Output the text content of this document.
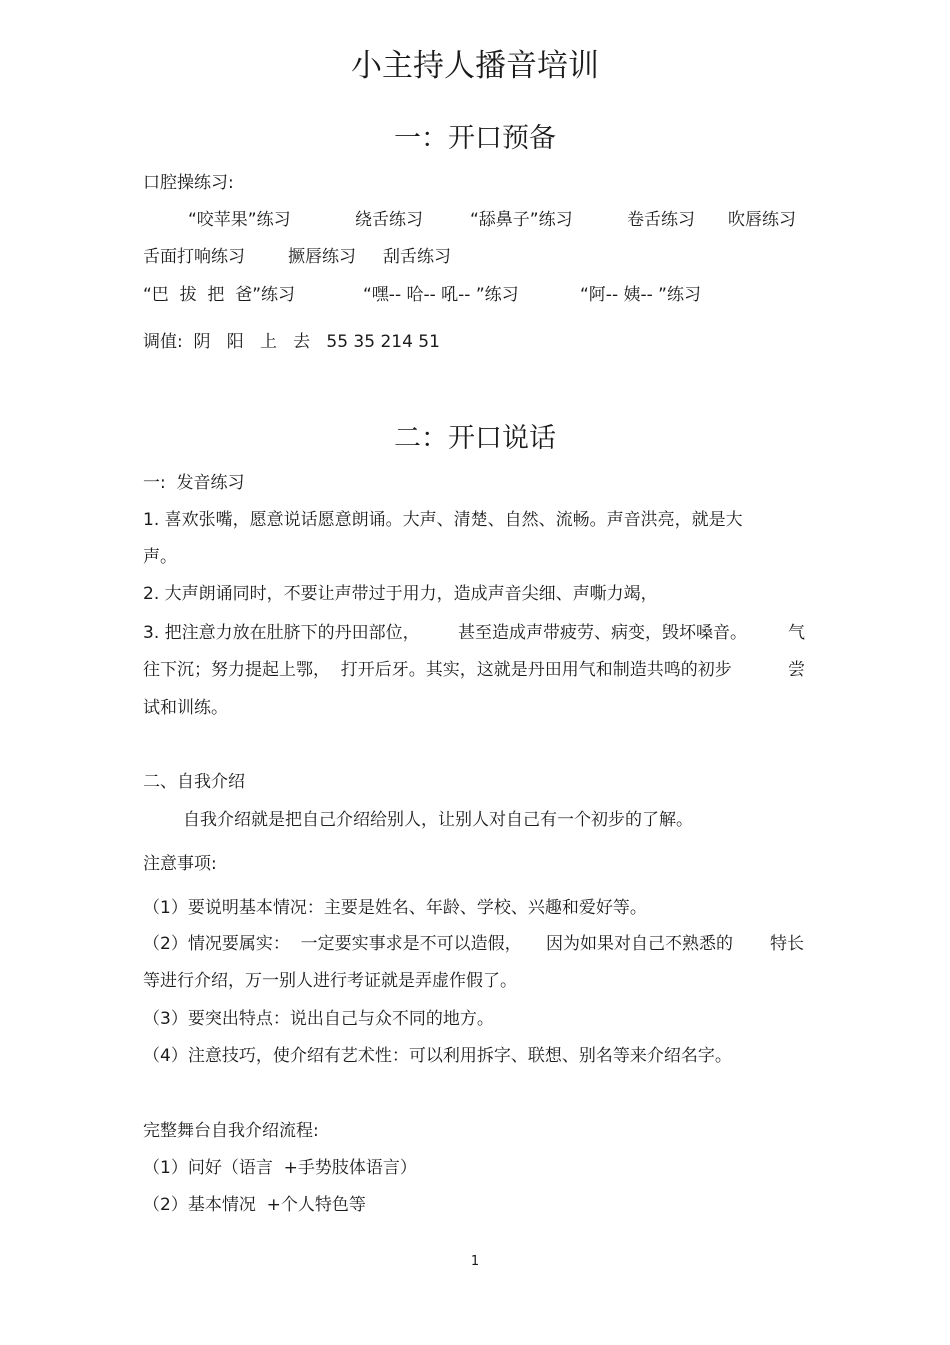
小主持人播音培训
一：开口预备
口腔操练习:

“咬苹果”练习

	绕舌练习

	“舔鼻子”练习

	卷舌练习

吹唇练习

舌面打响练习

	撅唇练习

刮舌练习

“巴  拔  把  爸”练习

	“嘿-- 哈-- 吼-- ”练习

	“阿-- 姨-- ”练习

调值:  阴   阳   上   去   55 35 214 51
二：开口说话
一:  发音练习
1. 喜欢张嘴，愿意说话愿意朗诵。大声、清楚、自然、流畅。声音洪亮，就是大
声。
2. 大声朗诵同时，不要让声带过于用力，造成声音尖细、声嘶力竭，

3. 把注意力放在肚脐下的丹田部位，

甚至造成声带疲劳、病变，毁坏嗓音。

气

往下沉；努力提起上鄂，  打开后牙。其实，这就是丹田用气和制造共鸣的初步

	尝

试和训练。
二、自我介绍
自我介绍就是把自己介绍给别人，让别人对自己有一个初步的了解。
注意事项:
（1）要说明基本情况：主要是姓名、年龄、学校、兴趣和爱好等。

（2）情况要属实：  一定要实事求是不可以造假，

因为如果对自己不熟悉的

特长

等进行介绍，万一别人进行考证就是弄虚作假了。
（3）要突出特点：说出自己与众不同的地方。
（4）注意技巧，使介绍有艺术性：可以利用拆字、联想、别名等来介绍名字。
完整舞台自我介绍流程:
（1）问好（语言  +手势肢体语言）
（2）基本情况  +个人特色等
1
